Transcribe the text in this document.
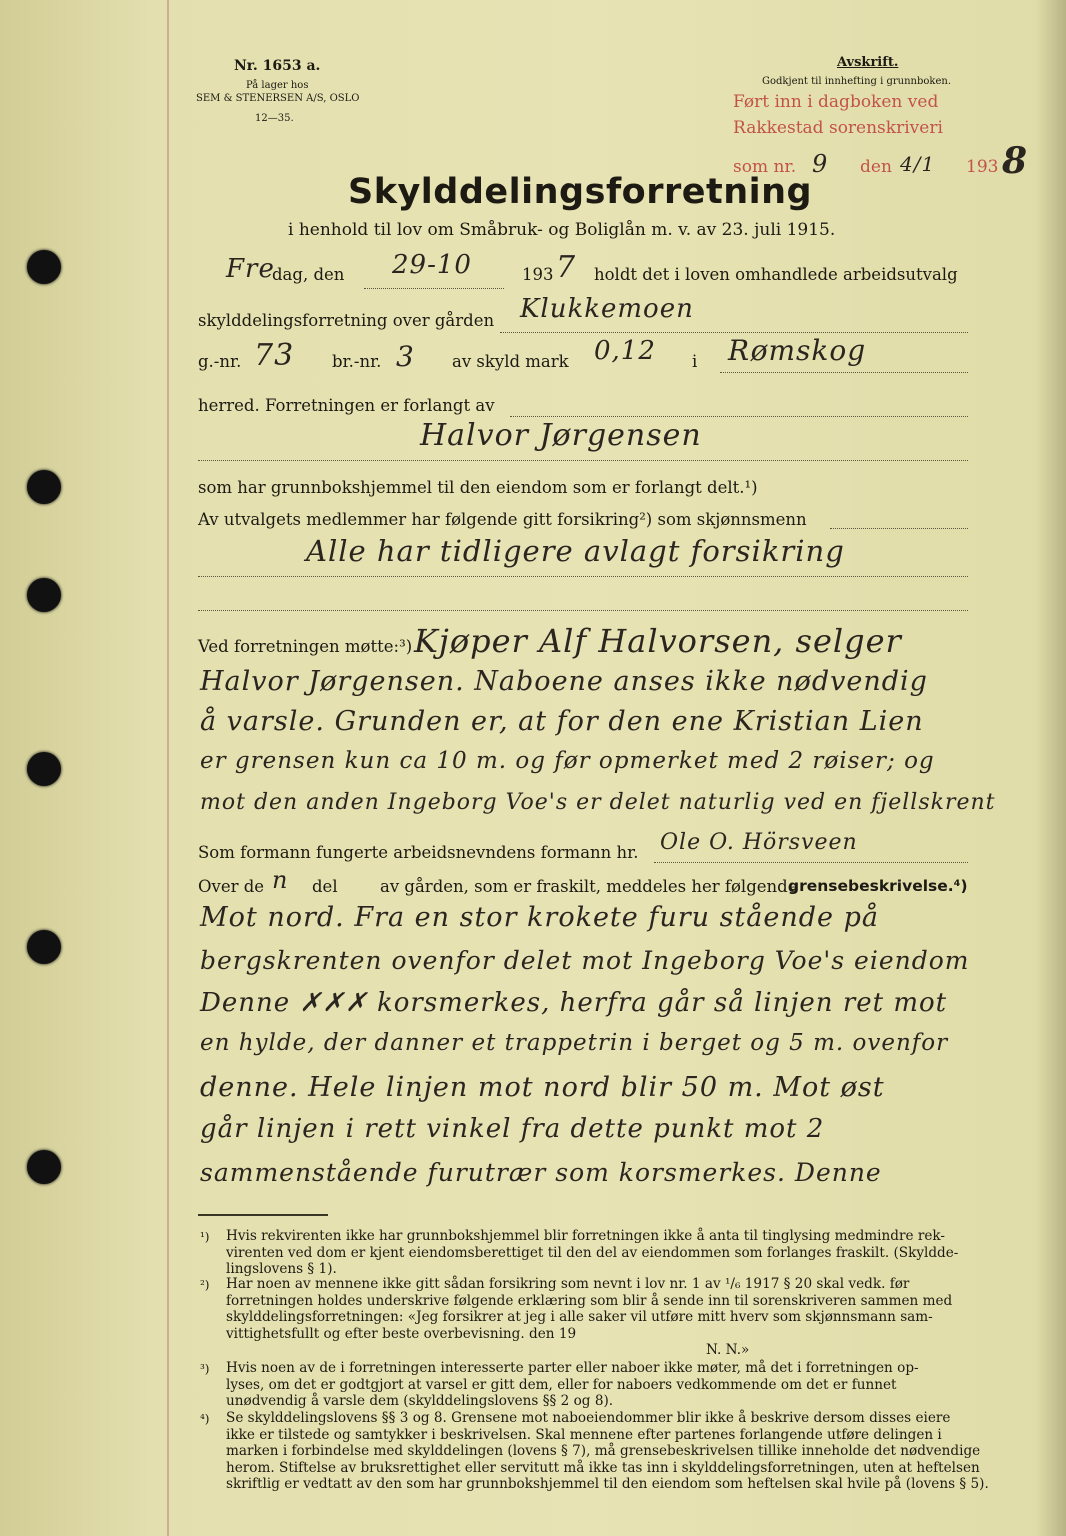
Nr. 1653 a.
På lager hos
SEM & STENERSEN A/S, OSLO
12—35.
Avskrift.
Godkjent til innhefting i grunnboken.
Ført inn i dagboken ved
Rakkestad sorenskriveri
som nr. 9 den 4/1 193 8
Skylddelingsforretning
i henhold til lov om Småbruk- og Boliglån m. v. av 23. juli 1915.
Fre
dag, den 29-10	193 7 holdt det i loven omhandlede arbeidsutvalg
skylddelingsforretning over gården Klukkemoen
g.-nr. 73 br.-nr. 3 av skyld mark 0,12 i Rømskog
herred. Forretningen er forlangt av
Halvor Jørgensen
som har grunnbokshjemmel til den eiendom som er forlangt delt.¹)
Av utvalgets medlemmer har følgende gitt forsikring²) som skjønnsmenn
Alle har tidligere avlagt forsikring
Ved forretningen møtte:³) Kjøper Alf Halvorsen, selger
Halvor Jørgensen. Naboene anses ikke nødvendig
å varsle. Grunden er, at for den ene Kristian Lien
er grensen kun ca 10 m. og før opmerket med 2 røiser; og
mot den anden Ingeborg Voe's er delet naturlig ved en fjellskrent
Som formann fungerte arbeidsnevndens formann hr. Ole O. Hörsveen
Over de n del	av gården, som er fraskilt, meddeles her følgende
grensebeskrivelse.⁴)
Mot nord. Fra en stor krokete furu stående på
bergskrenten ovenfor delet mot Ingeborg Voe's eiendom
Denne ✗✗✗ korsmerkes, herfra går så linjen ret mot
en hylde, der danner et trappetrin i berget og 5 m. ovenfor
denne. Hele linjen mot nord blir 50 m. Mot øst
går linjen i rett vinkel fra dette punkt mot 2
sammenstående furutrær som korsmerkes. Denne
¹) Hvis rekvirenten ikke har grunnbokshjemmel blir forretningen ikke å anta til tinglysing medmindre rek-
virenten ved dom er kjent eiendomsberettiget til den del av eiendommen som forlanges fraskilt. (Skyldde-
lingslovens § 1).
²) Har noen av mennene ikke gitt sådan forsikring som nevnt i lov nr. 1 av ¹/₆ 1917 § 20 skal vedk. før
forretningen holdes underskrive følgende erklæring som blir å sende inn til sorenskriveren sammen med
skylddelingsforretningen: «Jeg forsikrer at jeg i alle saker vil utføre mitt hverv som skjønnsmann sam-
vittighetsfullt og efter beste overbevisning. den 19
N. N.»
³) Hvis noen av de i forretningen interesserte parter eller naboer ikke møter, må det i forretningen op-
lyses, om det er godtgjort at varsel er gitt dem, eller for naboers vedkommende om det er funnet
unødvendig å varsle dem (skylddelingslovens §§ 2 og 8).
⁴) Se skylddelingslovens §§ 3 og 8. Grensene mot naboeiendommer blir ikke å beskrive dersom disses eiere
ikke er tilstede og samtykker i beskrivelsen. Skal mennene efter partenes forlangende utføre delingen i
marken i forbindelse med skylddelingen (lovens § 7), må grensebeskrivelsen tillike inneholde det nødvendige
herom. Stiftelse av bruksrettighet eller servitutt må ikke tas inn i skylddelingsforretningen, uten at heftelsen
skriftlig er vedtatt av den som har grunnbokshjemmel til den eiendom som heftelsen skal hvile på (lovens § 5).
